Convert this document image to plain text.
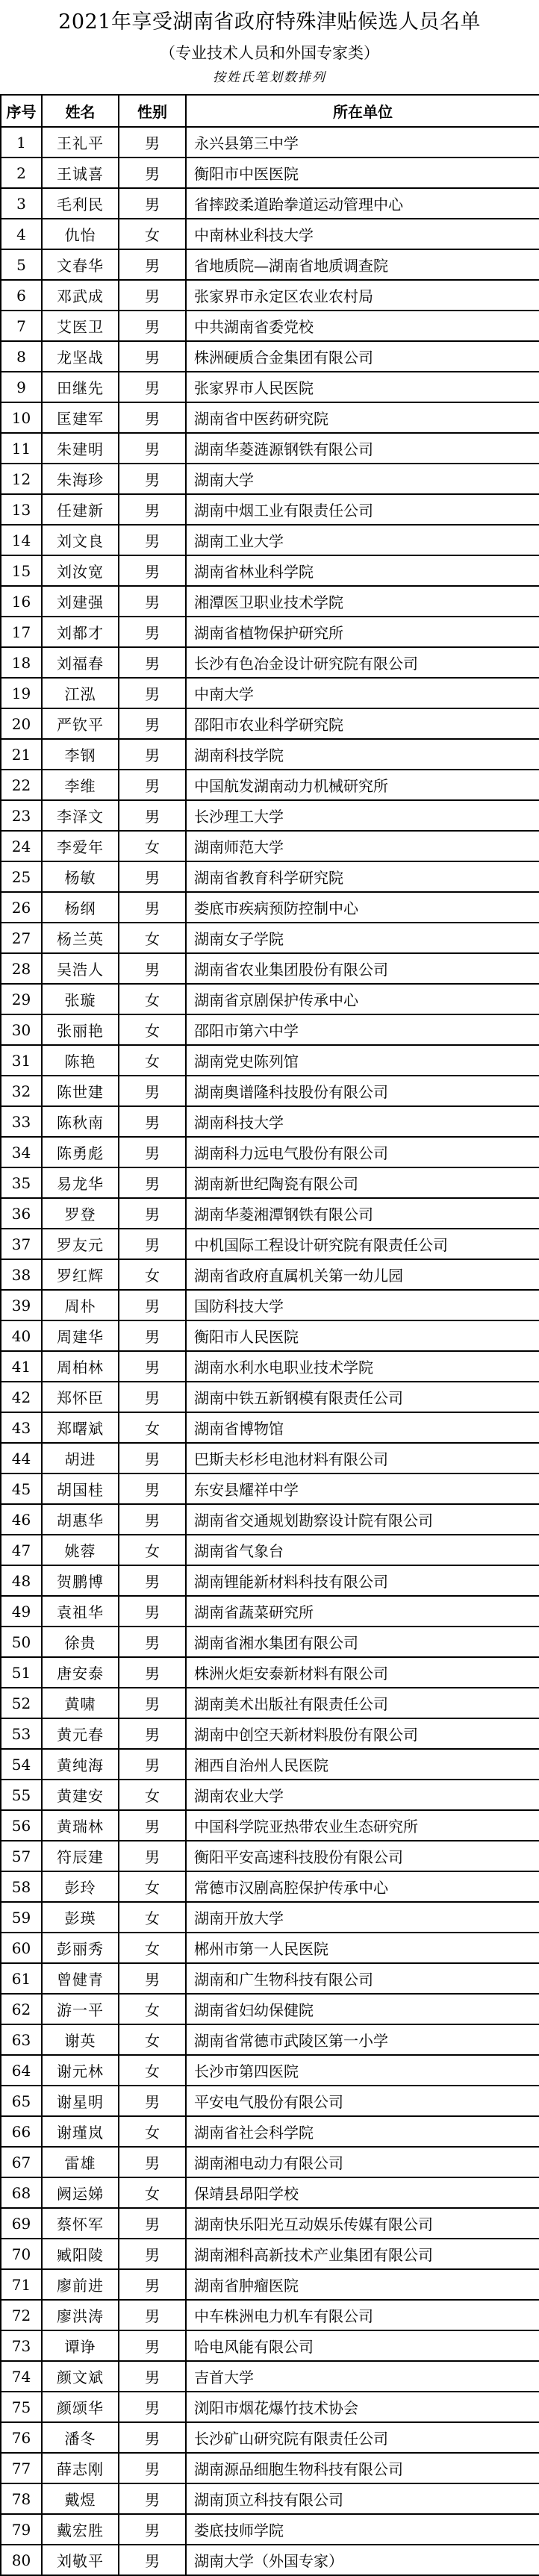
2021年享受湖南省政府特殊津贴候选人员名单
（专业技术人员和外国专家类）
按姓氏笔划数排列
序号	姓名	性别	所在单位
1	王礼平	男	永兴县第三中学
2	王诚喜	男	衡阳市中医医院
3	毛利民	男	省摔跤柔道跆拳道运动管理中心
4	仇怡	女	中南林业科技大学
5	文春华	男	省地质院—湖南省地质调查院
6	邓武成	男	张家界市永定区农业农村局
7	艾医卫	男	中共湖南省委党校
8	龙坚战	男	株洲硬质合金集团有限公司
9	田继先	男	张家界市人民医院
10	匡建军	男	湖南省中医药研究院
11	朱建明	男	湖南华菱涟源钢铁有限公司
12	朱海珍	男	湖南大学
13	任建新	男	湖南中烟工业有限责任公司
14	刘文良	男	湖南工业大学
15	刘汝宽	男	湖南省林业科学院
16	刘建强	男	湘潭医卫职业技术学院
17	刘都才	男	湖南省植物保护研究所
18	刘福春	男	长沙有色冶金设计研究院有限公司
19	江泓	男	中南大学
20	严钦平	男	邵阳市农业科学研究院
21	李钢	男	湖南科技学院
22	李维	男	中国航发湖南动力机械研究所
23	李泽文	男	长沙理工大学
24	李爱年	女	湖南师范大学
25	杨敏	男	湖南省教育科学研究院
26	杨纲	男	娄底市疾病预防控制中心
27	杨兰英	女	湖南女子学院
28	吴浩人	男	湖南省农业集团股份有限公司
29	张璇	女	湖南省京剧保护传承中心
30	张丽艳	女	邵阳市第六中学
31	陈艳	女	湖南党史陈列馆
32	陈世建	男	湖南奥谱隆科技股份有限公司
33	陈秋南	男	湖南科技大学
34	陈勇彪	男	湖南科力远电气股份有限公司
35	易龙华	男	湖南新世纪陶瓷有限公司
36	罗登	男	湖南华菱湘潭钢铁有限公司
37	罗友元	男	中机国际工程设计研究院有限责任公司
38	罗红辉	女	湖南省政府直属机关第一幼儿园
39	周朴	男	国防科技大学
40	周建华	男	衡阳市人民医院
41	周柏林	男	湖南水利水电职业技术学院
42	郑怀臣	男	湖南中铁五新钢模有限责任公司
43	郑曙斌	女	湖南省博物馆
44	胡进	男	巴斯夫杉杉电池材料有限公司
45	胡国桂	男	东安县耀祥中学
46	胡惠华	男	湖南省交通规划勘察设计院有限公司
47	姚蓉	女	湖南省气象台
48	贺鹏博	男	湖南锂能新材料科技有限公司
49	袁祖华	男	湖南省蔬菜研究所
50	徐贵	男	湖南省湘水集团有限公司
51	唐安泰	男	株洲火炬安泰新材料有限公司
52	黄啸	男	湖南美术出版社有限责任公司
53	黄元春	男	湖南中创空天新材料股份有限公司
54	黄纯海	男	湘西自治州人民医院
55	黄建安	女	湖南农业大学
56	黄瑞林	男	中国科学院亚热带农业生态研究所
57	符辰建	男	衡阳平安高速科技股份有限公司
58	彭玲	女	常德市汉剧高腔保护传承中心
59	彭瑛	女	湖南开放大学
60	彭丽秀	女	郴州市第一人民医院
61	曾健青	男	湖南和广生物科技有限公司
62	游一平	女	湖南省妇幼保健院
63	谢英	女	湖南省常德市武陵区第一小学
64	谢元林	女	长沙市第四医院
65	谢星明	男	平安电气股份有限公司
66	谢瑾岚	女	湖南省社会科学院
67	雷雄	男	湖南湘电动力有限公司
68	阙运娣	女	保靖县昂阳学校
69	蔡怀军	男	湖南快乐阳光互动娱乐传媒有限公司
70	臧阳陵	男	湖南湘科高新技术产业集团有限公司
71	廖前进	男	湖南省肿瘤医院
72	廖洪涛	男	中车株洲电力机车有限公司
73	谭诤	男	哈电风能有限公司
74	颜文斌	男	吉首大学
75	颜颂华	男	浏阳市烟花爆竹技术协会
76	潘冬	男	长沙矿山研究院有限责任公司
77	薛志刚	男	湖南源品细胞生物科技有限公司
78	戴煜	男	湖南顶立科技有限公司
79	戴宏胜	男	娄底技师学院
80	刘敬平	男	湖南大学（外国专家）
